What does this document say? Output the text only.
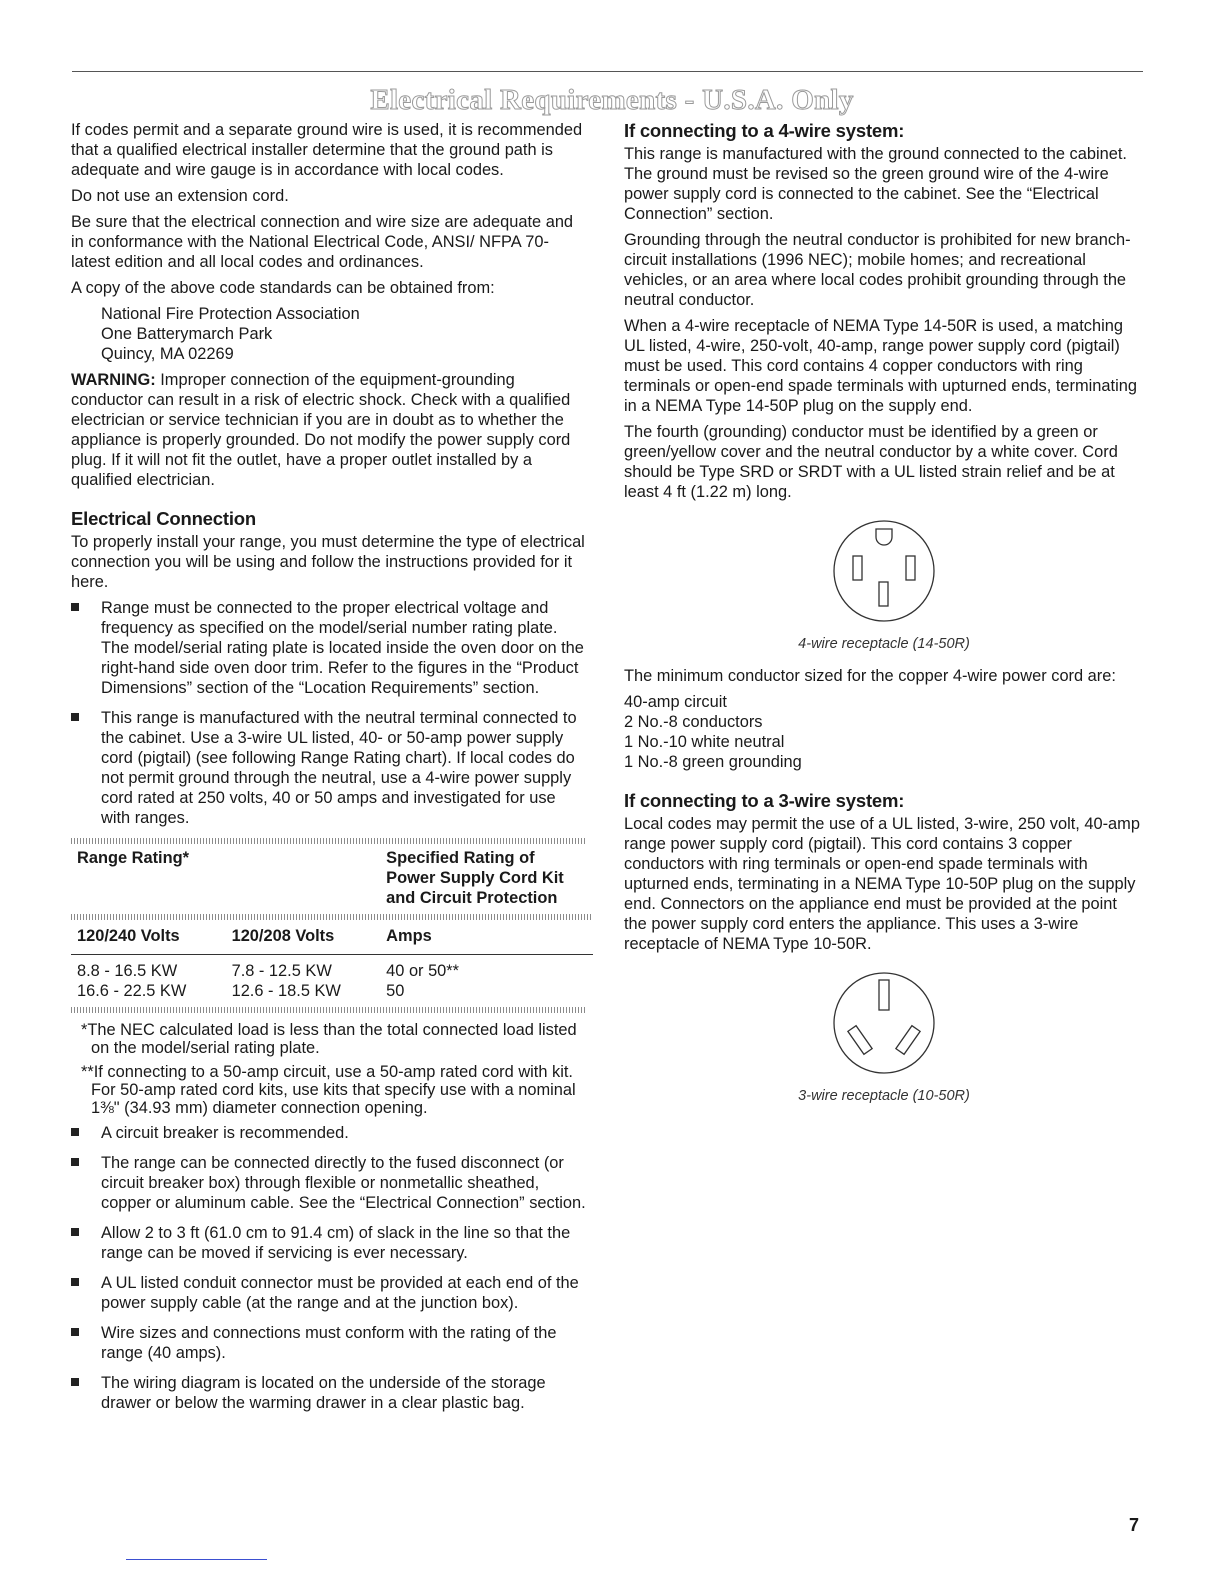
Electrical Requirements - U.S.A. Only

If codes permit and a separate ground wire is used, it is recommended that a qualified electrical installer determine that the ground path is adequate and wire gauge is in accordance with local codes.

Do not use an extension cord.

Be sure that the electrical connection and wire size are adequate and in conformance with the National Electrical Code, ANSI/ NFPA 70-latest edition and all local codes and ordinances.

A copy of the above code standards can be obtained from:

National Fire Protection Association
One Batterymarch Park
Quincy, MA 02269

WARNING: Improper connection of the equipment-grounding conductor can result in a risk of electric shock. Check with a qualified electrician or service technician if you are in doubt as to whether the appliance is properly grounded. Do not modify the power supply cord plug. If it will not fit the outlet, have a proper outlet installed by a qualified electrician.

Electrical Connection

To properly install your range, you must determine the type of electrical connection you will be using and follow the instructions provided for it here.

Range must be connected to the proper electrical voltage and frequency as specified on the model/serial number rating plate. The model/serial rating plate is located inside the oven door on the right-hand side oven door trim. Refer to the figures in the “Product Dimensions” section of the “Location Requirements” section.
This range is manufactured with the neutral terminal connected to the cabinet. Use a 3-wire UL listed, 40- or 50-amp power supply cord (pigtail) (see following Range Rating chart). If local codes do not permit ground through the neutral, use a 4-wire power supply cord rated at 250 volts, 40 or 50 amps and investigated for use with ranges.
Range Rating*		Specified Rating of Power Supply Cord Kit and Circuit Protection

120/240 Volts	120/208 Volts	Amps

8.8 - 16.5 KW	7.8 - 12.5 KW	40 or 50**
16.6 - 22.5 KW	12.6 - 18.5 KW	50
*The NEC calculated load is less than the total connected load listed on the model/serial rating plate.
**If connecting to a 50-amp circuit, use a 50-amp rated cord with kit. For 50-amp rated cord kits, use kits that specify use with a nominal 1⅜" (34.93 mm) diameter connection opening.
A circuit breaker is recommended.
The range can be connected directly to the fused disconnect (or circuit breaker box) through flexible or nonmetallic sheathed, copper or aluminum cable. See the “Electrical Connection” section.
Allow 2 to 3 ft (61.0 cm to 91.4 cm) of slack in the line so that the range can be moved if servicing is ever necessary.
A UL listed conduit connector must be provided at each end of the power supply cable (at the range and at the junction box).
Wire sizes and connections must conform with the rating of the range (40 amps).
The wiring diagram is located on the underside of the storage drawer or below the warming drawer in a clear plastic bag.
If connecting to a 4-wire system:

This range is manufactured with the ground connected to the cabinet. The ground must be revised so the green ground wire of the 4-wire power supply cord is connected to the cabinet. See the “Electrical Connection” section.

Grounding through the neutral conductor is prohibited for new branch-circuit installations (1996 NEC); mobile homes; and recreational vehicles, or an area where local codes prohibit grounding through the neutral conductor.

When a 4-wire receptacle of NEMA Type 14-50R is used, a matching UL listed, 4-wire, 250-volt, 40-amp, range power supply cord (pigtail) must be used. This cord contains 4 copper conductors with ring terminals or open-end spade terminals with upturned ends, terminating in a NEMA Type 14-50P plug on the supply end.

The fourth (grounding) conductor must be identified by a green or green/yellow cover and the neutral conductor by a white cover. Cord should be Type SRD or SRDT with a UL listed strain relief and be at least 4 ft (1.22 m) long.

4-wire receptacle (14-50R)

The minimum conductor sized for the copper 4-wire power cord are:

40-amp circuit
2 No.-8 conductors
1 No.-10 white neutral
1 No.-8 green grounding
If connecting to a 3-wire system:

Local codes may permit the use of a UL listed, 3-wire, 250 volt, 40-amp range power supply cord (pigtail). This cord contains 3 copper conductors with ring terminals or open-end spade terminals with upturned ends, terminating in a NEMA Type 10-50P plug on the supply end. Connectors on the appliance end must be provided at the point the power supply cord enters the appliance. This uses a 3-wire receptacle of NEMA Type 10-50R.

3-wire receptacle (10-50R)
7
